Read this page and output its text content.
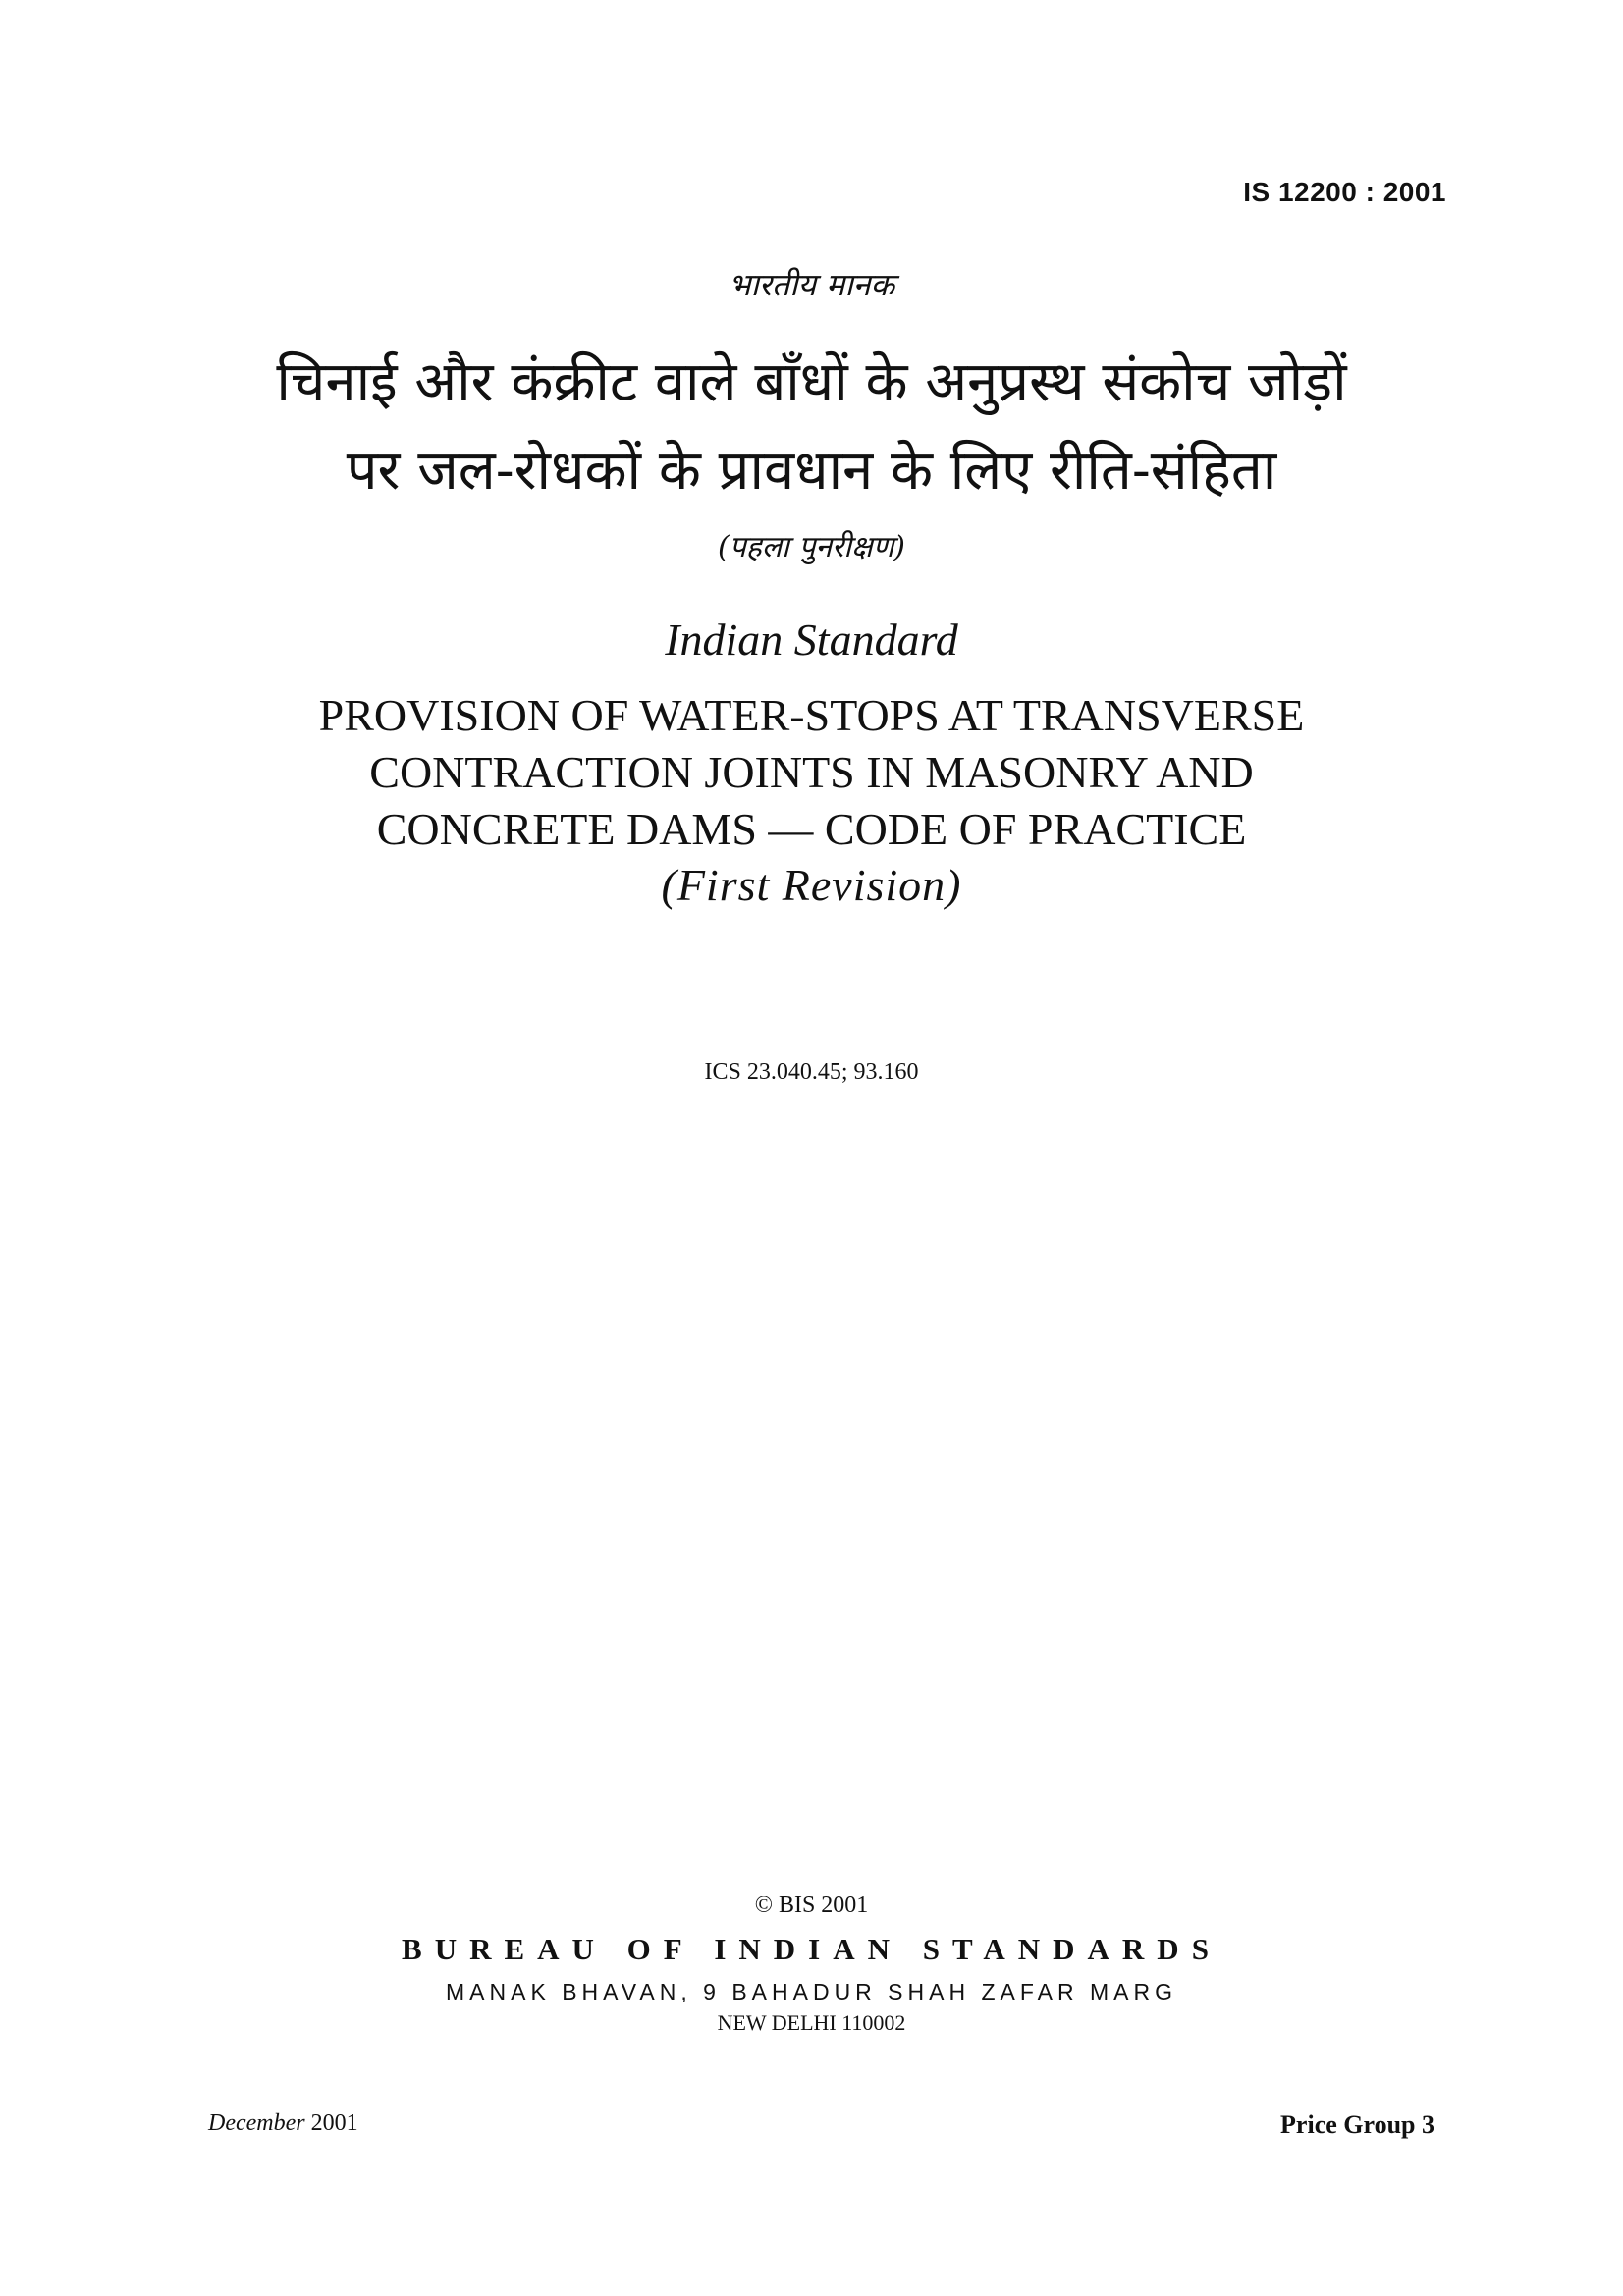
IS 12200 : 2001
भारतीय मानक
चिनाई और कंक्रीट वाले बाँधों के अनुप्रस्थ संकोच जोड़ों
पर जल-रोधकों के प्रावधान के लिए रीति-संहिता
(पहला पुनरीक्षण)
Indian Standard
PROVISION OF WATER-STOPS AT TRANSVERSE
CONTRACTION JOINTS IN MASONRY AND
CONCRETE DAMS — CODE OF PRACTICE
(First Revision)
ICS 23.040.45; 93.160
© BIS 2001
BUREAU OF INDIAN STANDARDS
MANAK BHAVAN, 9 BAHADUR SHAH ZAFAR MARG
NEW DELHI 110002
December 2001	Price Group 3
